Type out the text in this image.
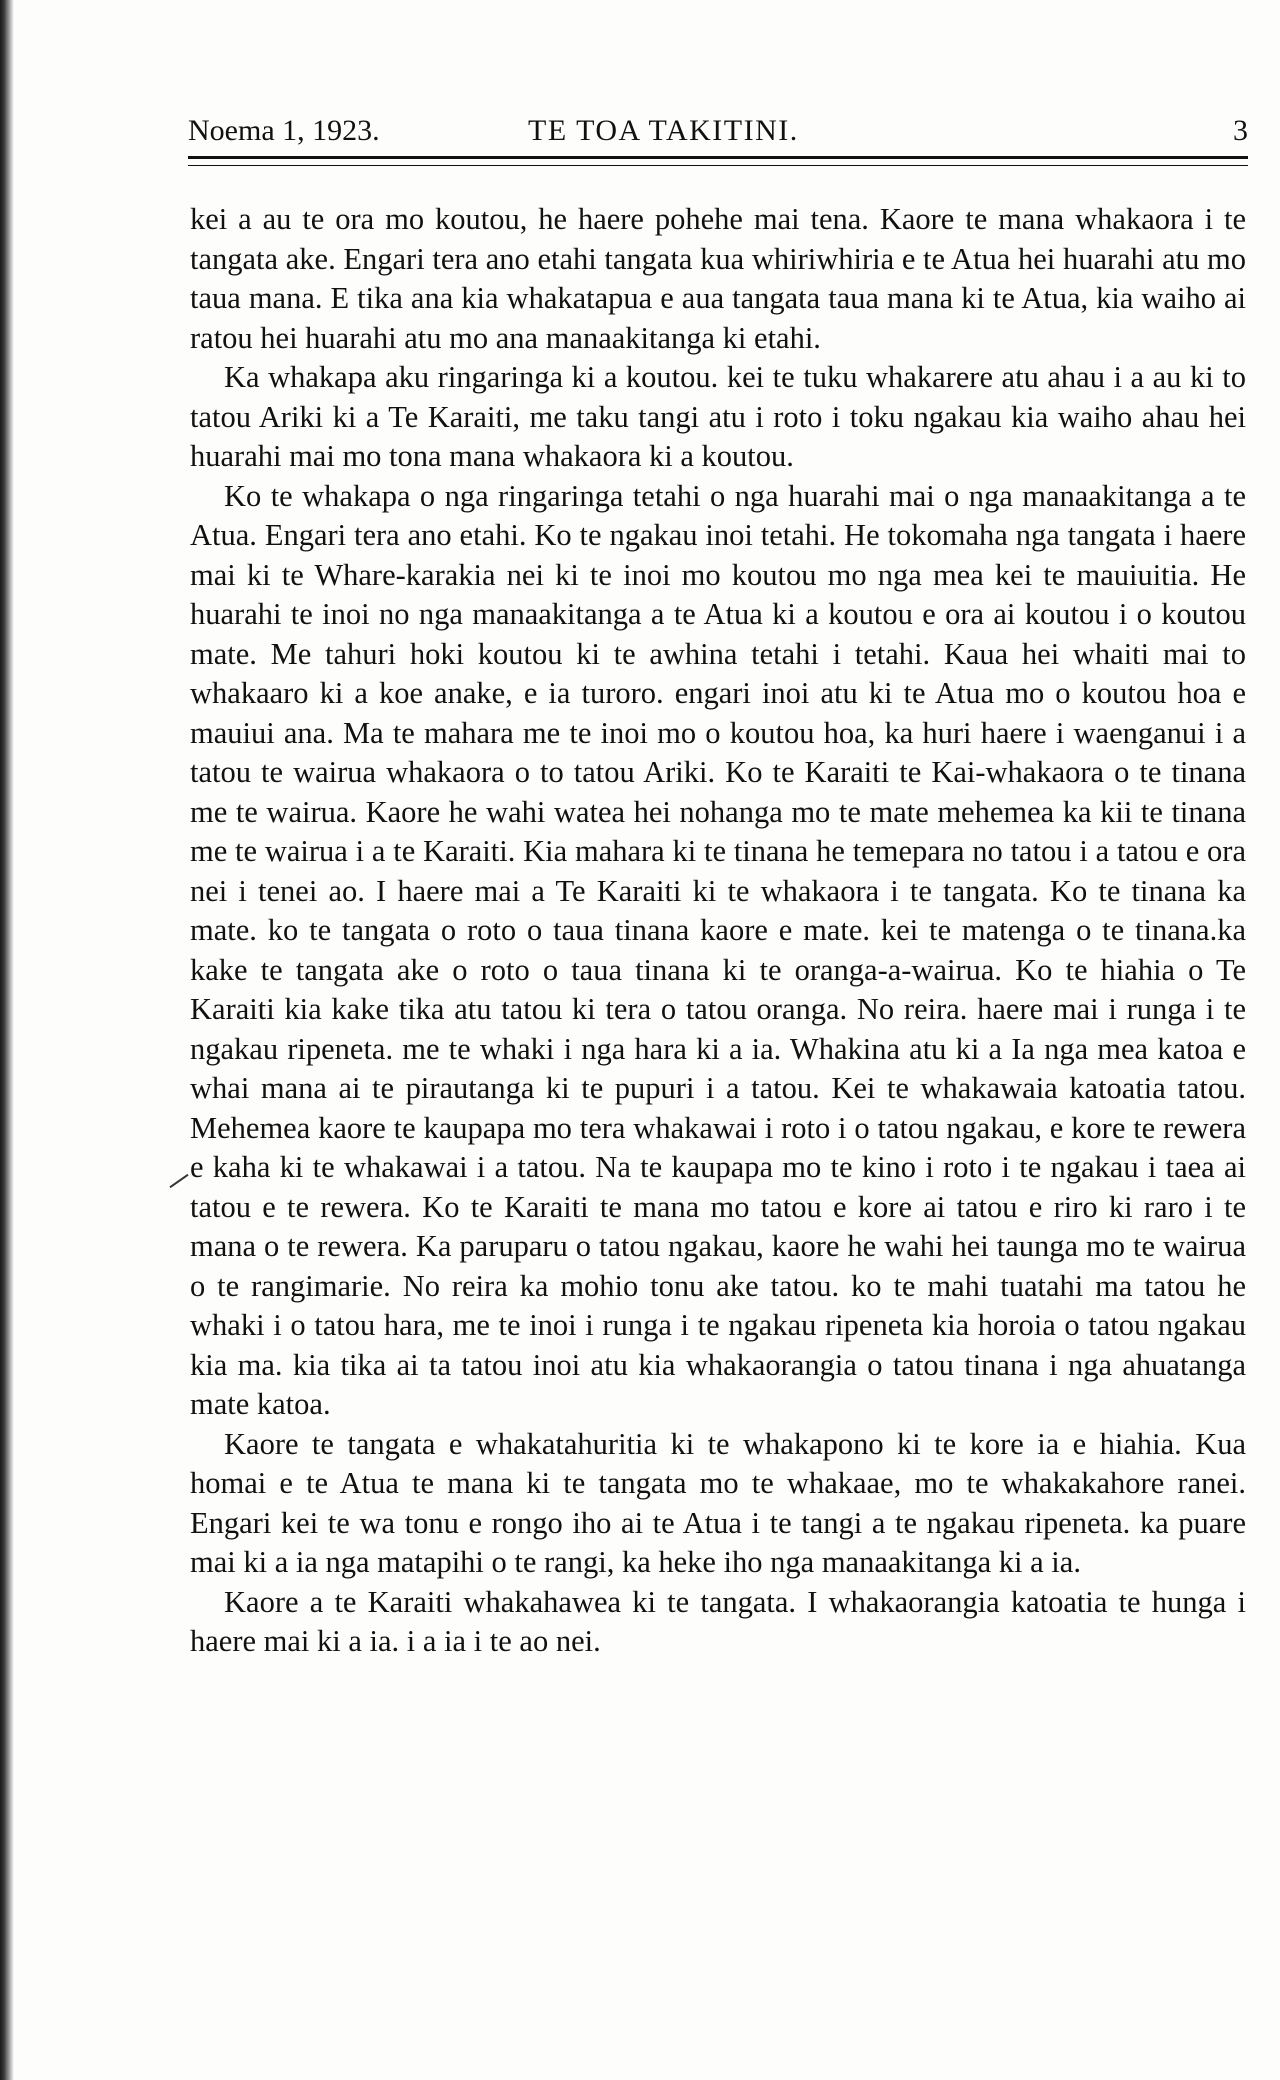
Noema 1, 1923.	TE TOA TAKITINI.	3

kei a au te ora mo koutou, he haere pohehe mai tena. Kaore te mana whakaora i te tangata ake. Engari tera ano etahi tangata kua whiriwhiria e te Atua hei huarahi atu mo taua mana. E tika ana kia whakatapua e aua tangata taua mana ki te Atua, kia waiho ai ratou hei huarahi atu mo ana manaakitanga ki etahi.

Ka whakapa aku ringaringa ki a koutou. kei te tuku whakarere atu ahau i a au ki to tatou Ariki ki a Te Karaiti, me taku tangi atu i roto i toku ngakau kia waiho ahau hei huarahi mai mo tona mana whakaora ki a koutou.

Ko te whakapa o nga ringaringa tetahi o nga huarahi mai o nga manaakitanga a te Atua. Engari tera ano etahi. Ko te ngakau inoi tetahi. He tokomaha nga tangata i haere mai ki te Whare-karakia nei ki te inoi mo koutou mo nga mea kei te mauiuitia. He huarahi te inoi no nga manaakitanga a te Atua ki a koutou e ora ai koutou i o koutou mate. Me tahuri hoki koutou ki te awhina tetahi i tetahi. Kaua hei whaiti mai to whakaaro ki a koe anake, e ia turoro. engari inoi atu ki te Atua mo o koutou hoa e mauiui ana. Ma te mahara me te inoi mo o koutou hoa, ka huri haere i waenganui i a tatou te wairua whakaora o to tatou Ariki. Ko te Karaiti te Kai-whakaora o te tinana me te wairua. Kaore he wahi watea hei nohanga mo te mate mehemea ka kii te tinana me te wairua i a te Karaiti. Kia mahara ki te tinana he temepara no tatou i a tatou e ora nei i tenei ao. I haere mai a Te Karaiti ki te whakaora i te tangata. Ko te tinana ka mate. ko te tangata o roto o taua tinana kaore e mate. kei te matenga o te tinana.ka kake te tangata ake o roto o taua tinana ki te oranga-a-wairua. Ko te hiahia o Te Karaiti kia kake tika atu tatou ki tera o tatou oranga. No reira. haere mai i runga i te ngakau ripeneta. me te whaki i nga hara ki a ia. Whakina atu ki a Ia nga mea katoa e whai mana ai te pirautanga ki te pupuri i a tatou. Kei te whakawaia katoatia tatou. Mehemea kaore te kaupapa mo tera whakawai i roto i o tatou ngakau, e kore te rewera e kaha ki te whakawai i a tatou. Na te kaupapa mo te kino i roto i te ngakau i taea ai tatou e te rewera. Ko te Karaiti te mana mo tatou e kore ai tatou e riro ki raro i te mana o te rewera. Ka paruparu o tatou ngakau, kaore he wahi hei taunga mo te wairua o te rangimarie. No reira ka mohio tonu ake tatou. ko te mahi tuatahi ma tatou he whaki i o tatou hara, me te inoi i runga i te ngakau ripeneta kia horoia o tatou ngakau kia ma. kia tika ai ta tatou inoi atu kia whakaorangia o tatou tinana i nga ahuatanga mate katoa.

Kaore te tangata e whakatahuritia ki te whakapono ki te kore ia e hiahia. Kua homai e te Atua te mana ki te tangata mo te whakaae, mo te whakakahore ranei. Engari kei te wa tonu e rongo iho ai te Atua i te tangi a te ngakau ripeneta. ka puare mai ki a ia nga matapihi o te rangi, ka heke iho nga manaakitanga ki a ia.

Kaore a te Karaiti whakahawea ki te tangata. I whakaorangia katoatia te hunga i haere mai ki a ia. i a ia i te ao nei.
